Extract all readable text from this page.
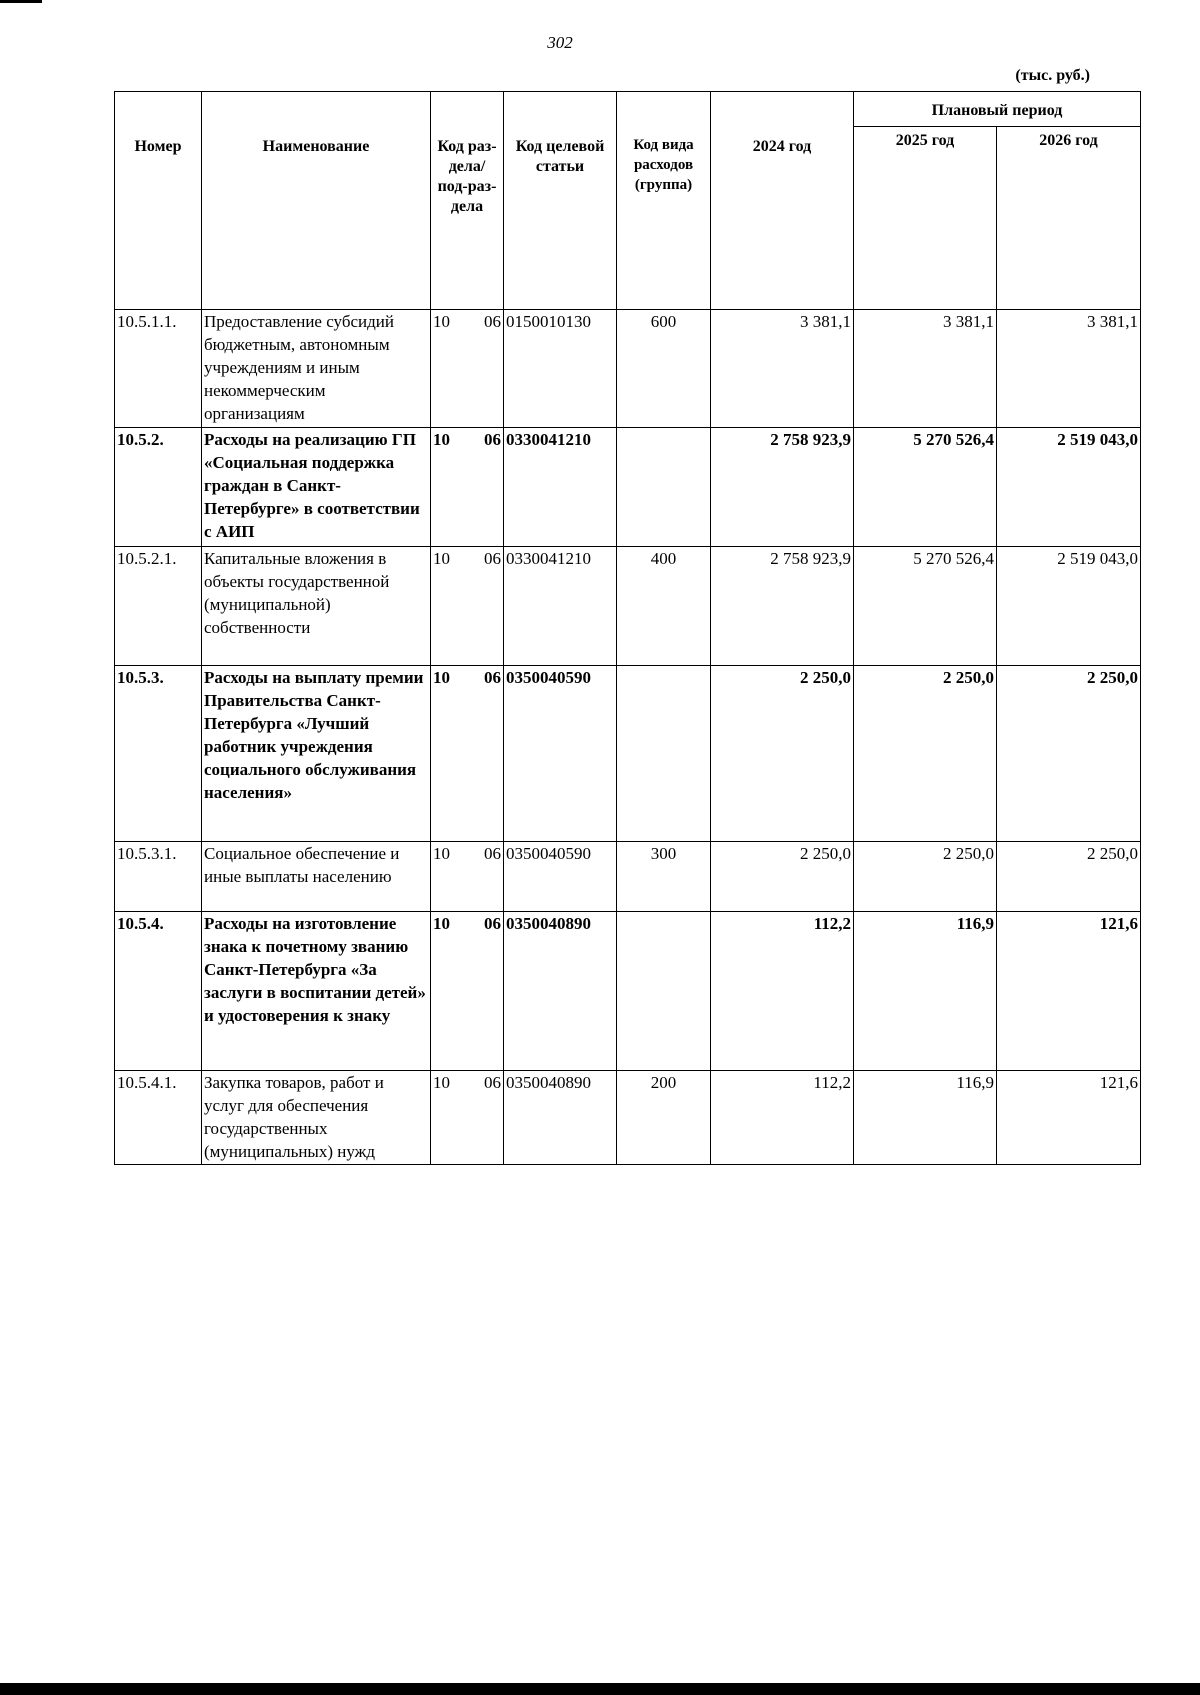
302
(тыс. руб.)
Номер	Наименование	Код раз-дела/ под-раз-дела	Код целевой статьи	Код вида расходов (группа)	2024 год	Плановый период	
						2025 год	2026 год
10.5.1.1.	Предоставление субсидий бюджетным, автономным учреждениям и иным некоммерческим организациям	10 06	0150010130	600	3 381,1	3 381,1	3 381,1
10.5.2.	Расходы на реализацию ГП «Социальная поддержка граждан в Санкт-Петербурге» в соответствии с АИП	10 06	0330041210		2 758 923,9	5 270 526,4	2 519 043,0
10.5.2.1.	Капитальные вложения в объекты государственной (муниципальной) собственности	10 06	0330041210	400	2 758 923,9	5 270 526,4	2 519 043,0
10.5.3.	Расходы на выплату премии Правительства Санкт-Петербурга «Лучший работник учреждения социального обслуживания населения»	10 06	0350040590		2 250,0	2 250,0	2 250,0
10.5.3.1.	Социальное обеспечение и иные выплаты населению	10 06	0350040590	300	2 250,0	2 250,0	2 250,0
10.5.4.	Расходы на изготовление знака к почетному званию Санкт-Петербурга «За заслуги в воспитании детей» и удостоверения к знаку	10 06	0350040890		112,2	116,9	121,6
10.5.4.1.	Закупка товаров, работ и услуг для обеспечения государственных (муниципальных) нужд	10 06	0350040890	200	112,2	116,9	121,6
